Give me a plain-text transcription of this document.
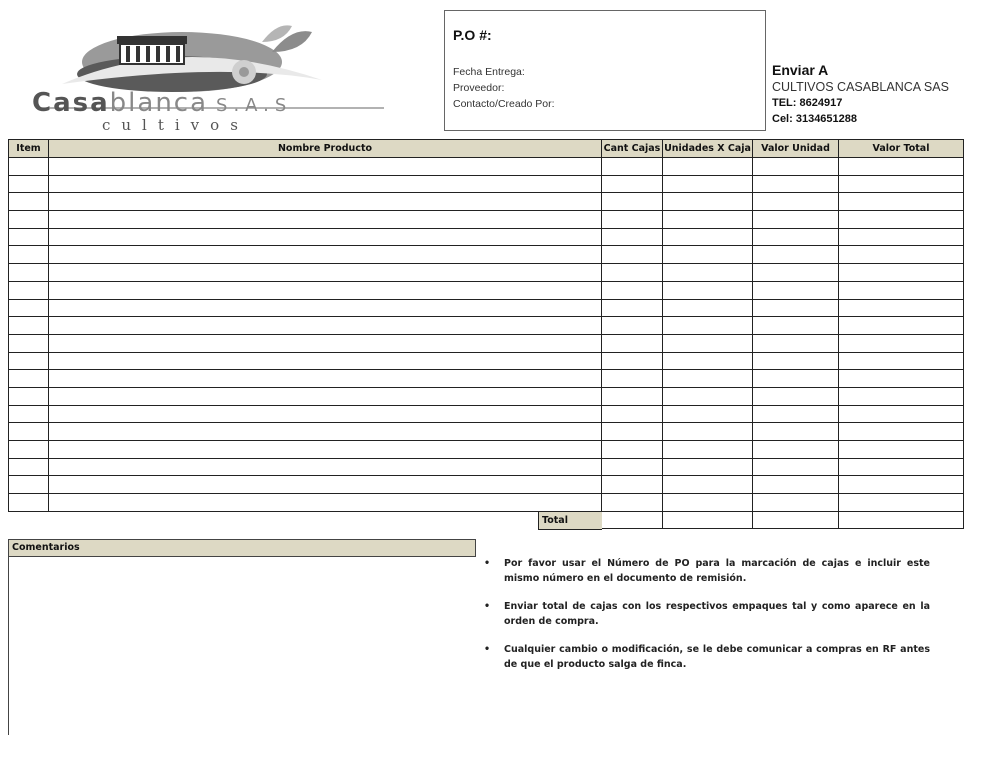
Casablanca S.A.S
cultivos
P.O #:
Fecha Entrega:
Proveedor:
Contacto/Creado Por:
Enviar A
CULTIVOS CASABLANCA SAS
TEL: 8624917
Cel: 3134651288
Item	Nombre Producto	Cant Cajas	Unidades X Caja	Valor Unidad	Valor Total

	Total				

Comentarios
•	Por favor usar el Número de PO para la marcación de cajas e incluir este mismo número en el documento de remisión.
•	Enviar total de cajas con los respectivos empaques tal y como aparece en la orden de compra.
•	Cualquier cambio o modificación, se le debe comunicar a compras en RF antes de que el producto salga de finca.
